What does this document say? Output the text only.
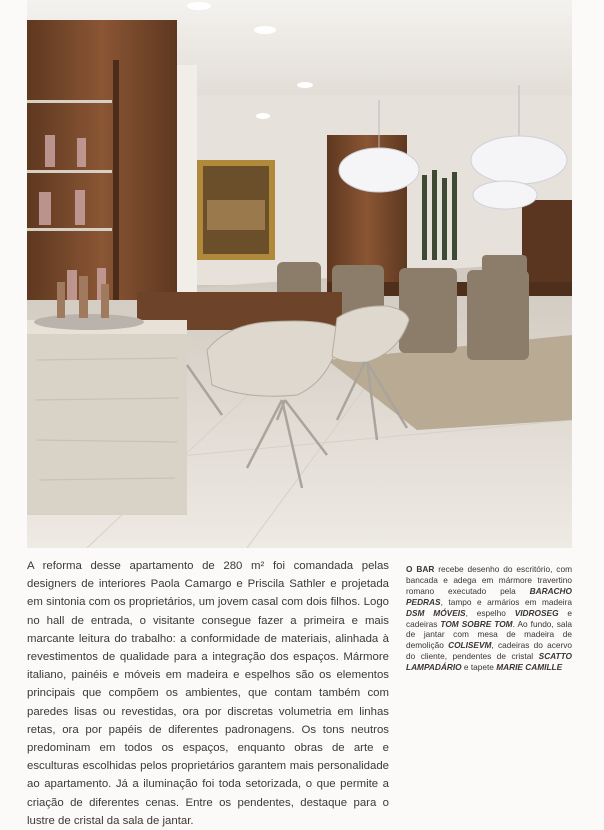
A reforma desse apartamento de 280 m² foi comandada pelas designers de interiores Paola Camargo e Priscila Sathler e projetada em sintonia com os proprietários, um jovem casal com dois filhos. Logo no hall de entrada, o visitante consegue fazer a primeira e mais marcante leitura do trabalho: a conformidade de materiais, alinhada à revestimentos de qualidade para a integração dos espaços. Mármore italiano, painéis e móveis em madeira e espelhos são os elementos principais que compõem os ambientes, que contam também com paredes lisas ou revestidas, ora por discretas volumetria em linhas retas, ora por papéis de diferentes padronagens. Os tons neutros predominam em todos os espaços, enquanto obras de arte e esculturas escolhidas pelos proprietários garantem mais personalidade ao apartamento. Já a iluminação foi toda setorizada, o que permite a criação de diferentes cenas. Entre os pendentes, destaque para o lustre de cristal da sala de jantar.

O BAR recebe desenho do escritório, com bancada e adega em mármore travertino romano executado pela BARACHO PEDRAS, tampo e armários em madeira DSM MÓVEIS, espelho VIDROSEG e cadeiras TOM SOBRE TOM. Ao fundo, sala de jantar com mesa de madeira de demolição COLISEVM, cadeiras do acervo do cliente, pendentes de cristal SCATTO LAMPADÁRIO e tapete MARIE CAMILLE
